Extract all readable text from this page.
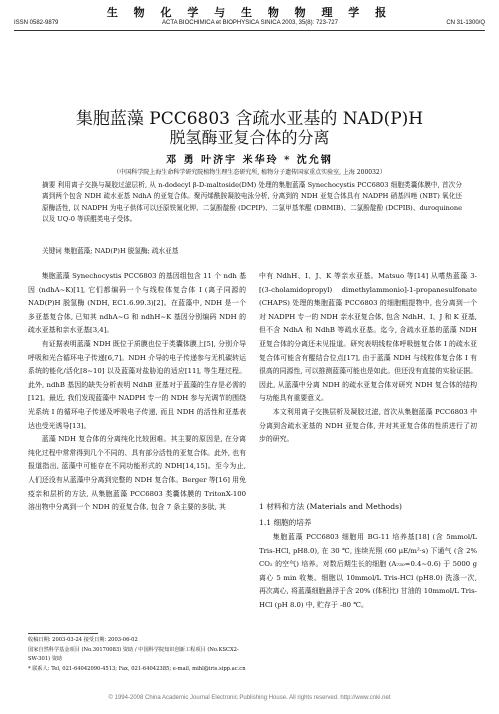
生 物 化 学 与 生 物 物 理 学 报
ISSN 0582-9879	ACTA BIOCHIMICA et BIOPHYSICA SINICA 2003, 35(8): 723-727	CN 31-1300/Q
集胞蓝藻 PCC6803 含疏水亚基的 NAD(P)H
脱氢酶亚复合体的分离
邓 勇 叶济宇 米华玲 * 沈允钢
（中国科学院上海生命科学研究院植物生理生态研究所, 植物分子遗传国家重点实验室, 上海 200032）
摘要 利用离子交换与凝胶过滤层析, 从 n-dodecyl β-D-maltoside(DM) 处理的集胞蓝藻 Synechocystis PCC6803 细胞类囊体膜中, 首次分离到两个包含 NDH 疏水亚基 NdhA 的亚复合体。聚丙烯酰胺凝胶电泳分析, 分离到的 NDH 亚复合体具有 NADPH 硝基四唑 (NBT) 氧化还原酶活性, 以 NADPH 为电子供体可以还原铁氰化钾、二氯酚靛酚 (DCPIP)、二氯甲基苯醌 (DBMIB)、二氯酚靛酚 (DCPIB)、duroquinone 以及 UQ-0 等质醌类电子受体。
关键词 集胞蓝藻; NAD(P)H 脱氢酶; 疏水亚基

集胞蓝藻 Synechocystis PCC6803 的基因组包含 11 个 ndh 基因 (ndhA~K)[1], 它们都编码一个与线粒体复合体 I (离子同源的 NAD(P)H 脱氢酶 (NDH, EC1.6.99.3)[2]。在蓝藻中, NDH 是一个多亚基复合体, 已知其 ndhA~G 和 ndhH~K 基因分别编码 NDH 的疏水亚基和亲水亚基[3,4]。

有证据表明蓝藻 NDH 既位于质膜也位于类囊体膜上[5], 分别介导呼吸和光合循环电子传递[6,7]。NDH 介导的电子传递参与无机碳转运系统的能化/活化[8~10] 以及蓝藻对盐胁迫的适应[11], 等生理过程。此外, ndhB 基因的缺失分析表明 NdhB 亚基对于蓝藻的生存是必需的[12]。最近, 我们发现蓝藻中 NADPH 专一的 NDH 参与光调节的围绕光系统 I 的循环电子传递及呼吸电子传递, 而且 NDH 的活性和亚基表达也受光诱导[13]。

蓝藻 NDH 复合体的分离纯化比较困难。其主要的原因是, 在分离纯化过程中常常得到几个不同的、具有部分活性的亚复合体。此外, 也有报道指出, 蓝藻中可能存在不同功能形式的 NDH[14,15]。至今为止, 人们还没有从蓝藻中分离到完整的 NDH 复合体。Berger 等[16] 用免疫亲和层析的方法, 从集胞蓝藻 PCC6803 类囊体膜的 TritonX-100 溶出物中分离到一个 NDH 的亚复合体, 包含 7 条主要的多肽, 其

中有 NdhH、I、J、K 等亲水亚基。Matsuo 等[14] 从嗜热蓝藻 3-[(3-cholamidopropyl) dimethylammonio]-1-propanesulfonate (CHAPS) 处理的集胞蓝藻 PCC6803 的细胞粗提物中, 也分离到一个对 NADPH 专一的 NDH 亲水亚复合体, 包含 NdhH、I、J 和 K 亚基, 但不含 NdhA 和 NdhB 等疏水亚基。迄今, 含疏水亚基的蓝藻 NDH 亚复合体的分离还未见报道。研究表明线粒体呼吸链复合体 I 的疏水亚复合体可能含有醌结合位点[17], 由于蓝藻 NDH 与线粒体复合体 I 有很高的同源性, 可以推测蓝藻可能也是如此。但还没有直接的实验证据。因此, 从蓝藻中分离 NDH 的疏水亚复合体对研究 NDH 复合体的结构与功能具有重要意义。

本文利用离子交换层析及凝胶过滤, 首次从集胞蓝藻 PCC6803 中分离到含疏水亚基的 NDH 亚复合体, 并对其亚复合体的性质进行了初步的研究。

1 材料和方法 (Materials and Methods)
1.1 细胞的培养

集胞蓝藻 PCC6803 细胞用 BG-11 培养基[18] (含 5mmol/L Tris-HCl, pH8.0), 在 30 ℃, 连续光照 (60 μE/m²·s) 下通气 (含 2% CO₂ 的空气) 培养。对数后期生长的细胞 (A₇₃₀=0.4~0.6) 于 5000 g 离心 5 min 收集。细胞以 10mmol/L Tris-HCl (pH8.0) 洗涤一次, 再次离心, 将蓝藻细胞悬浮于含 20% (体积比) 甘油的 10mmol/L Tris-HCl (pH 8.0) 中, 贮存于 -80 ℃。

收稿日期: 2003-03-24 接受日期: 2003-06-02
国家自然科学基金项目 (No.30170083) 资助 / 中国科学院知识创新工程项目 (No.KSCX2-SW-301) 资助
* 联系人: Tel, 021-64042090-4513; Fax, 021-64042385; e-mail, mihl@iris.sipp.ac.cn
© 1994-2008 China Academic Journal Electronic Publishing House. All rights reserved. http://www.cnki.net
